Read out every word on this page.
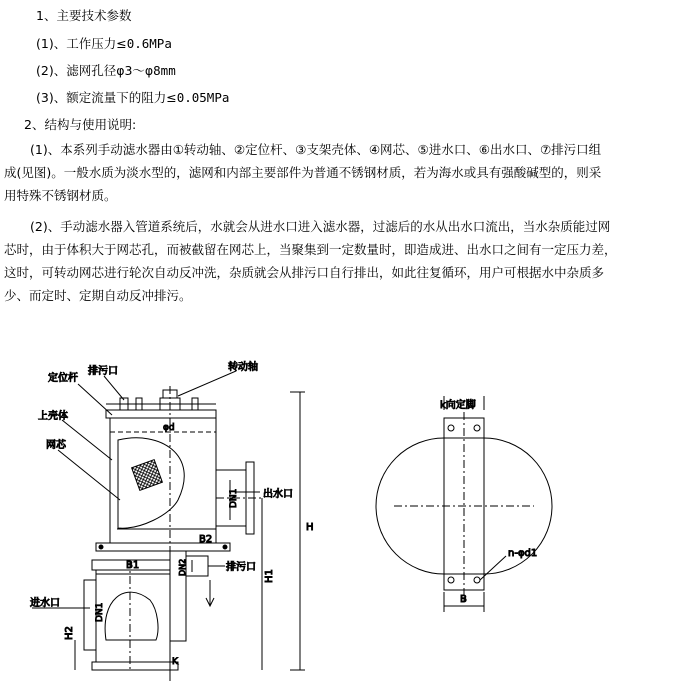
1、主要技术参数
(1)、工作压力≤0.6MPa
(2)、滤网孔径φ3～φ8mm
(3)、额定流量下的阻力≤0.05MPa
2、结构与使用说明:
(1)、本系列手动滤水器由①转动轴、②定位杆、③支架壳体、④网芯、⑤进水口、⑥出水口、⑦排污口组
成(见图)。一般水质为淡水型的，滤网和内部主要部件为普通不锈钢材质，若为海水或具有强酸碱型的，则采
用特殊不锈钢材质。
(2)、手动滤水器入管道系统后，水就会从进水口进入滤水器，过滤后的水从出水口流出，当水杂质能过网
芯时，由于体积大于网芯孔，而被截留在网芯上，当聚集到一定数量时，即造成进、出水口之间有一定压力差，
这时，可转动网芯进行轮次自动反冲洗，杂质就会从排污口自行排出，如此往复循环，用户可根据水中杂质多
少、而定时、定期自动反冲排污。
定位杆
排污口	转动轴
上壳体
网芯
φd
DN1 出水口
B2
H
B1	DN2	排污口
H1
进水口	DN1
H2
K
k向定脚
n-φd1
B
